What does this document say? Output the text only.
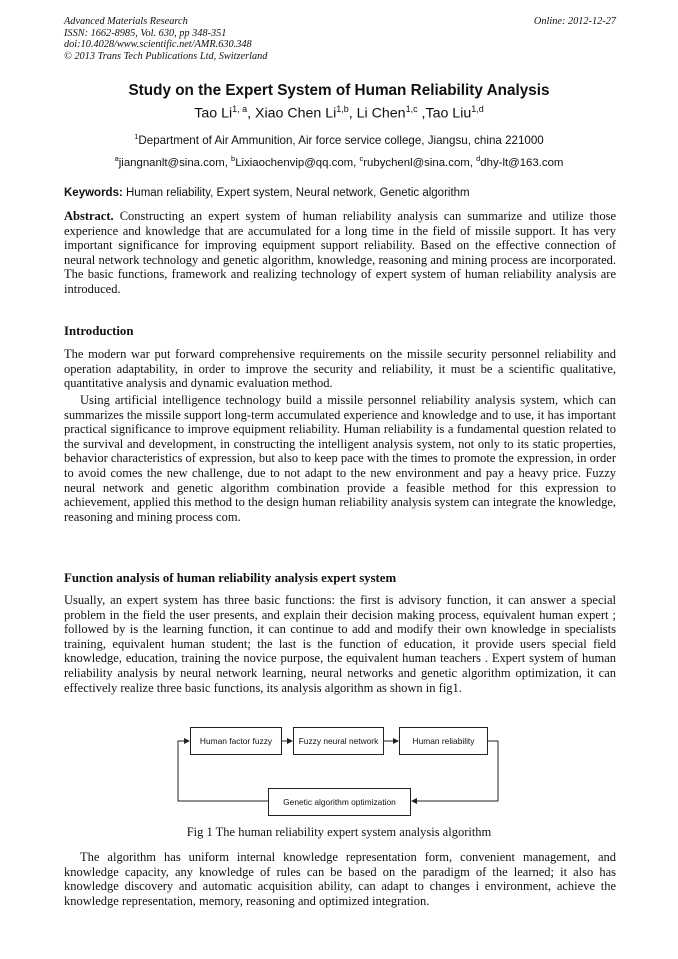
Advanced Materials Research
ISSN: 1662-8985, Vol. 630, pp 348-351
doi:10.4028/www.scientific.net/AMR.630.348
© 2013 Trans Tech Publications Ltd, Switzerland
Online: 2012-12-27
Study on the Expert System of Human Reliability Analysis
Tao Li$^{1, a}$, Xiao Chen Li$^{1,b}$, Li Chen$^{1,c}$ ,Tao Liu$^{1,d}$
$^1$Department of Air Ammunition, Air force service college, Jiangsu, china 221000
$^a$jiangnanlt@sina.com, $^b$Lixiaochenvip@qq.com, $^c$rubychenl@sina.com, $^d$dhy-lt@163.com
Keywords: Human reliability, Expert system, Neural network, Genetic algorithm

Abstract. Constructing an expert system of human reliability analysis can summarize and utilize those experience and knowledge that are accumulated for a long time in the field of missile support. It has very important significance for improving equipment support reliability. Based on the effective connection of neural network technology and genetic algorithm, knowledge, reasoning and mining process are incorporated. The basic functions, framework and realizing technology of expert system of human reliability analysis are introduced.

Introduction

The modern war put forward comprehensive requirements on the missile security personnel reliability and operation adaptability, in order to improve the security and reliability, it must be a scientific qualitative, quantitative analysis and dynamic evaluation method.

Using artificial intelligence technology build a missile personnel reliability analysis system, which can summarizes the missile support long-term accumulated experience and knowledge and to use, it has important practical significance to improve equipment reliability. Human reliability is a fundamental question related to the survival and development, in constructing the intelligent analysis system, not only to its static properties, behavior characteristics of expression, but also to keep pace with the times to promote the expression, in order to avoid comes the new challenge, due to not adapt to the new environment and pay a heavy price. Fuzzy neural network and genetic algorithm combination provide a feasible method for this expression to achievement, applied this method to the design human reliability analysis system can integrate the knowledge, reasoning and mining process com.

Function analysis of human reliability analysis expert system

Usually, an expert system has three basic functions: the first is advisory function, it can answer a special problem in the field the user presents, and explain their decision making process, equivalent human expert ; followed by is the learning function, it can continue to add and modify their own knowledge in specialists training, equivalent human student; the last is the function of education, it provide users special field knowledge, education, training the novice purpose, the equivalent human teachers . Expert system of human reliability analysis by neural network learning, neural networks and genetic algorithm optimization, it can effectively realize three basic functions, its analysis algorithm as shown in fig1.

Human factor fuzzy	Fuzzy neural network	Human reliability
Genetic algorithm optimization
Fig 1 The human reliability expert system analysis algorithm

The algorithm has uniform internal knowledge representation form, convenient management, and knowledge capacity, any knowledge of rules can be based on the paradigm of the learned; it also has knowledge discovery and automatic acquisition ability, can adapt to changes i environment, achieve the knowledge representation, memory, reasoning and optimized integration.
